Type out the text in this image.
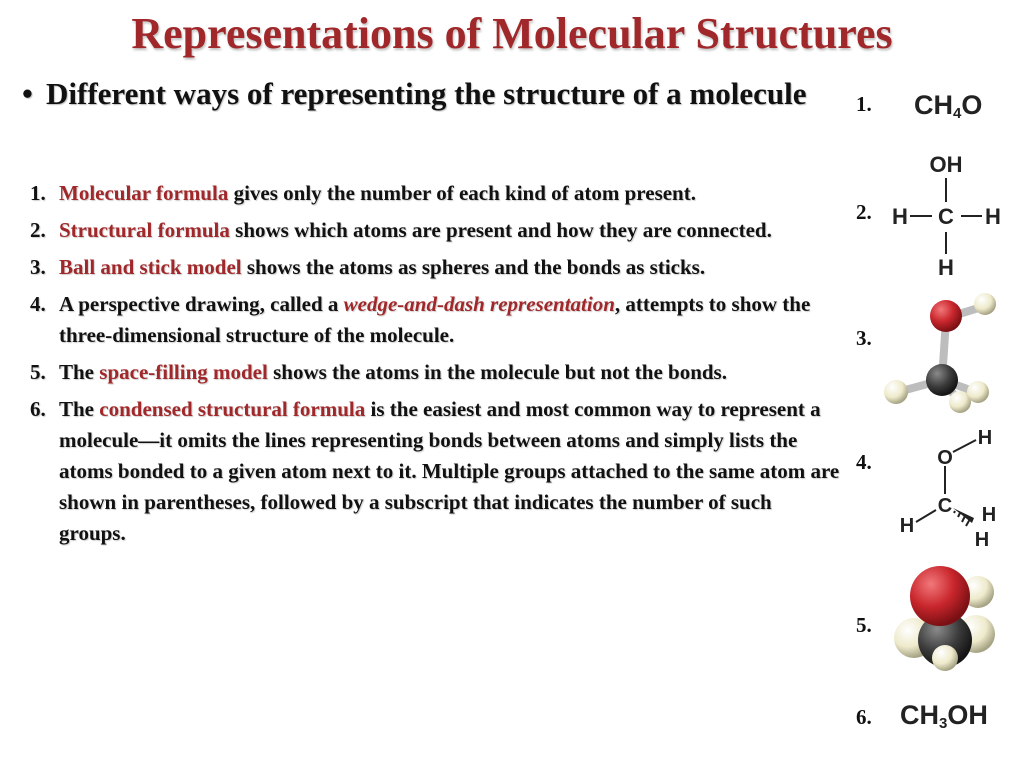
Representations of Molecular Structures
• Different ways of representing the structure of a molecule
1. Molecular formula gives only the number of each kind of atom present.
2. Structural formula shows which atoms are present and how they are connected.
3. Ball and stick model shows the atoms as spheres and the bonds as sticks.
4. A perspective drawing, called a wedge-and-dash representation, attempts to show the three-dimensional structure of the molecule.
5. The space-filling model shows the atoms in the molecule but not the bonds.
6. The condensed structural formula is the easiest and most common way to represent a molecule—it omits the lines representing bonds between atoms and simply lists the atoms bonded to a given atom next to it. Multiple groups attached to the same atom are shown in parentheses, followed by a subscript that indicates the number of such groups.
1.
2.
3.
4.
5.
6.
$CH_4O$
OH
H C H
H
H
O
C
H	H
H
$CH_3OH$
